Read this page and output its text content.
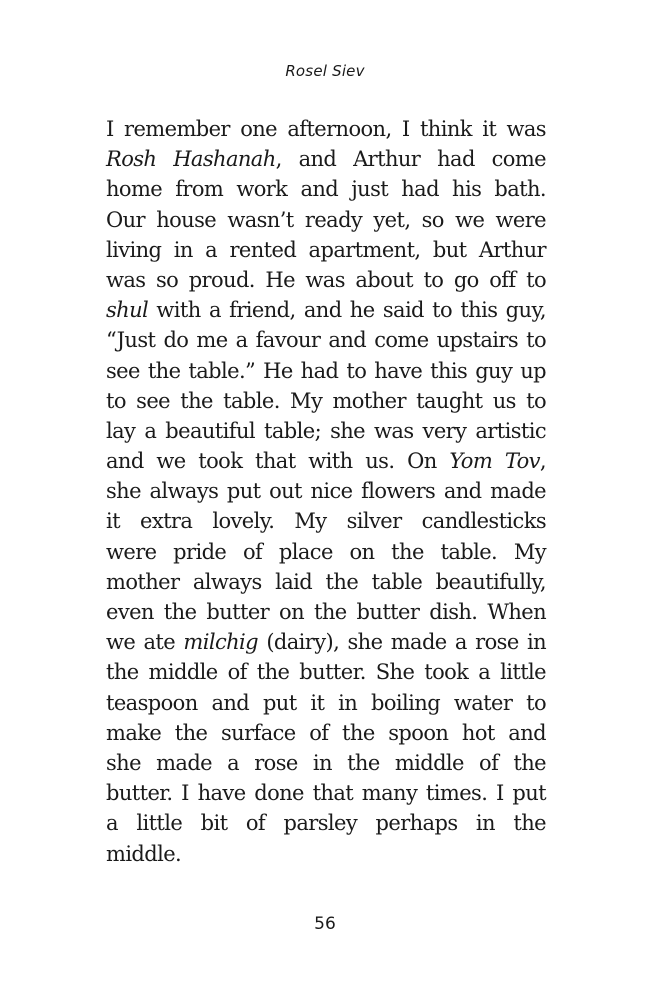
Rosel Siev
I remember one afternoon, I think it was
Rosh Hashanah, and Arthur had come
home from work and just had his bath.
Our house wasn’t ready yet, so we were
living in a rented apartment, but Arthur
was so proud. He was about to go off to
shul with a friend, and he said to this guy,
“Just do me a favour and come upstairs to
see the table.” He had to have this guy up
to see the table. My mother taught us to
lay a beautiful table; she was very artistic
and we took that with us. On Yom Tov,
she always put out nice flowers and made
it extra lovely. My silver candlesticks
were pride of place on the table. My
mother always laid the table beautifully,
even the butter on the butter dish. When
we ate milchig (dairy), she made a rose in
the middle of the butter. She took a little
teaspoon and put it in boiling water to
make the surface of the spoon hot and
she made a rose in the middle of the
butter. I have done that many times. I put
a little bit of parsley perhaps in the
middle.
56
